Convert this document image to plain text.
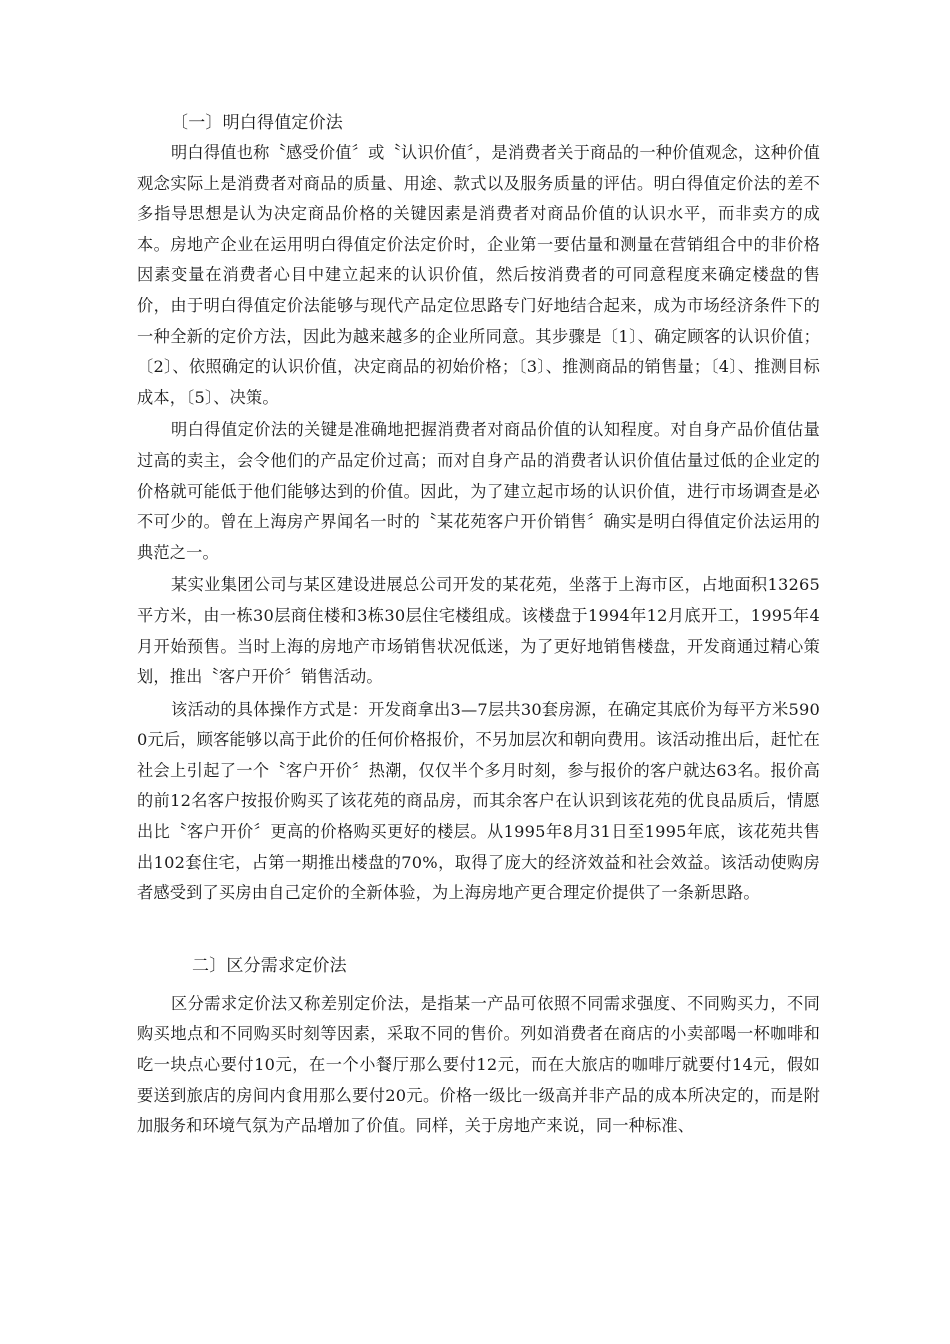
〔一〕明白得值定价法

明白得值也称〝感受价值〞或〝认识价值〞，是消费者关于商品的一种价值观念，这种价值观念实际上是消费者对商品的质量、用途、款式以及服务质量的评估。明白得值定价法的差不多指导思想是认为决定商品价格的关键因素是消费者对商品价值的认识水平，而非卖方的成本。房地产企业在运用明白得值定价法定价时，企业第一要估量和测量在营销组合中的非价格因素变量在消费者心目中建立起来的认识价值，然后按消费者的可同意程度来确定楼盘的售价，由于明白得值定价法能够与现代产品定位思路专门好地结合起来，成为市场经济条件下的一种全新的定价方法，因此为越来越多的企业所同意。其步骤是〔1〕、确定顾客的认识价值；〔2〕、依照确定的认识价值，决定商品的初始价格；〔3〕、推测商品的销售量；〔4〕、推测目标成本，〔5〕、决策。

明白得值定价法的关键是准确地把握消费者对商品价值的认知程度。对自身产品价值估量过高的卖主，会令他们的产品定价过高；而对自身产品的消费者认识价值估量过低的企业定的价格就可能低于他们能够达到的价值。因此，为了建立起市场的认识价值，进行市场调查是必不可少的。曾在上海房产界闻名一时的〝某花苑客户开价销售〞确实是明白得值定价法运用的典范之一。

某实业集团公司与某区建设进展总公司开发的某花苑，坐落于上海市区，占地面积13265平方米，由一栋30层商住楼和3栋30层住宅楼组成。该楼盘于1994年12月底开工，1995年4月开始预售。当时上海的房地产市场销售状况低迷，为了更好地销售楼盘，开发商通过精心策划，推出〝客户开价〞销售活动。

该活动的具体操作方式是：开发商拿出3—7层共30套房源，在确定其底价为每平方米5900元后，顾客能够以高于此价的任何价格报价，不另加层次和朝向费用。该活动推出后，赶忙在社会上引起了一个〝客户开价〞热潮，仅仅半个多月时刻，参与报价的客户就达63名。报价高的前12名客户按报价购买了该花苑的商品房，而其余客户在认识到该花苑的优良品质后，情愿出比〝客户开价〞更高的价格购买更好的楼层。从1995年8月31日至1995年底，该花苑共售出102套住宅，占第一期推出楼盘的70%，取得了庞大的经济效益和社会效益。该活动使购房者感受到了买房由自己定价的全新体验，为上海房地产更合理定价提供了一条新思路。

二〕区分需求定价法

区分需求定价法又称差别定价法，是指某一产品可依照不同需求强度、不同购买力，不同购买地点和不同购买时刻等因素，采取不同的售价。列如消费者在商店的小卖部喝一杯咖啡和吃一块点心要付10元，在一个小餐厅那么要付12元，而在大旅店的咖啡厅就要付14元，假如要送到旅店的房间内食用那么要付20元。价格一级比一级高并非产品的成本所决定的，而是附加服务和环境气氛为产品增加了价值。同样，关于房地产来说，同一种标准、
